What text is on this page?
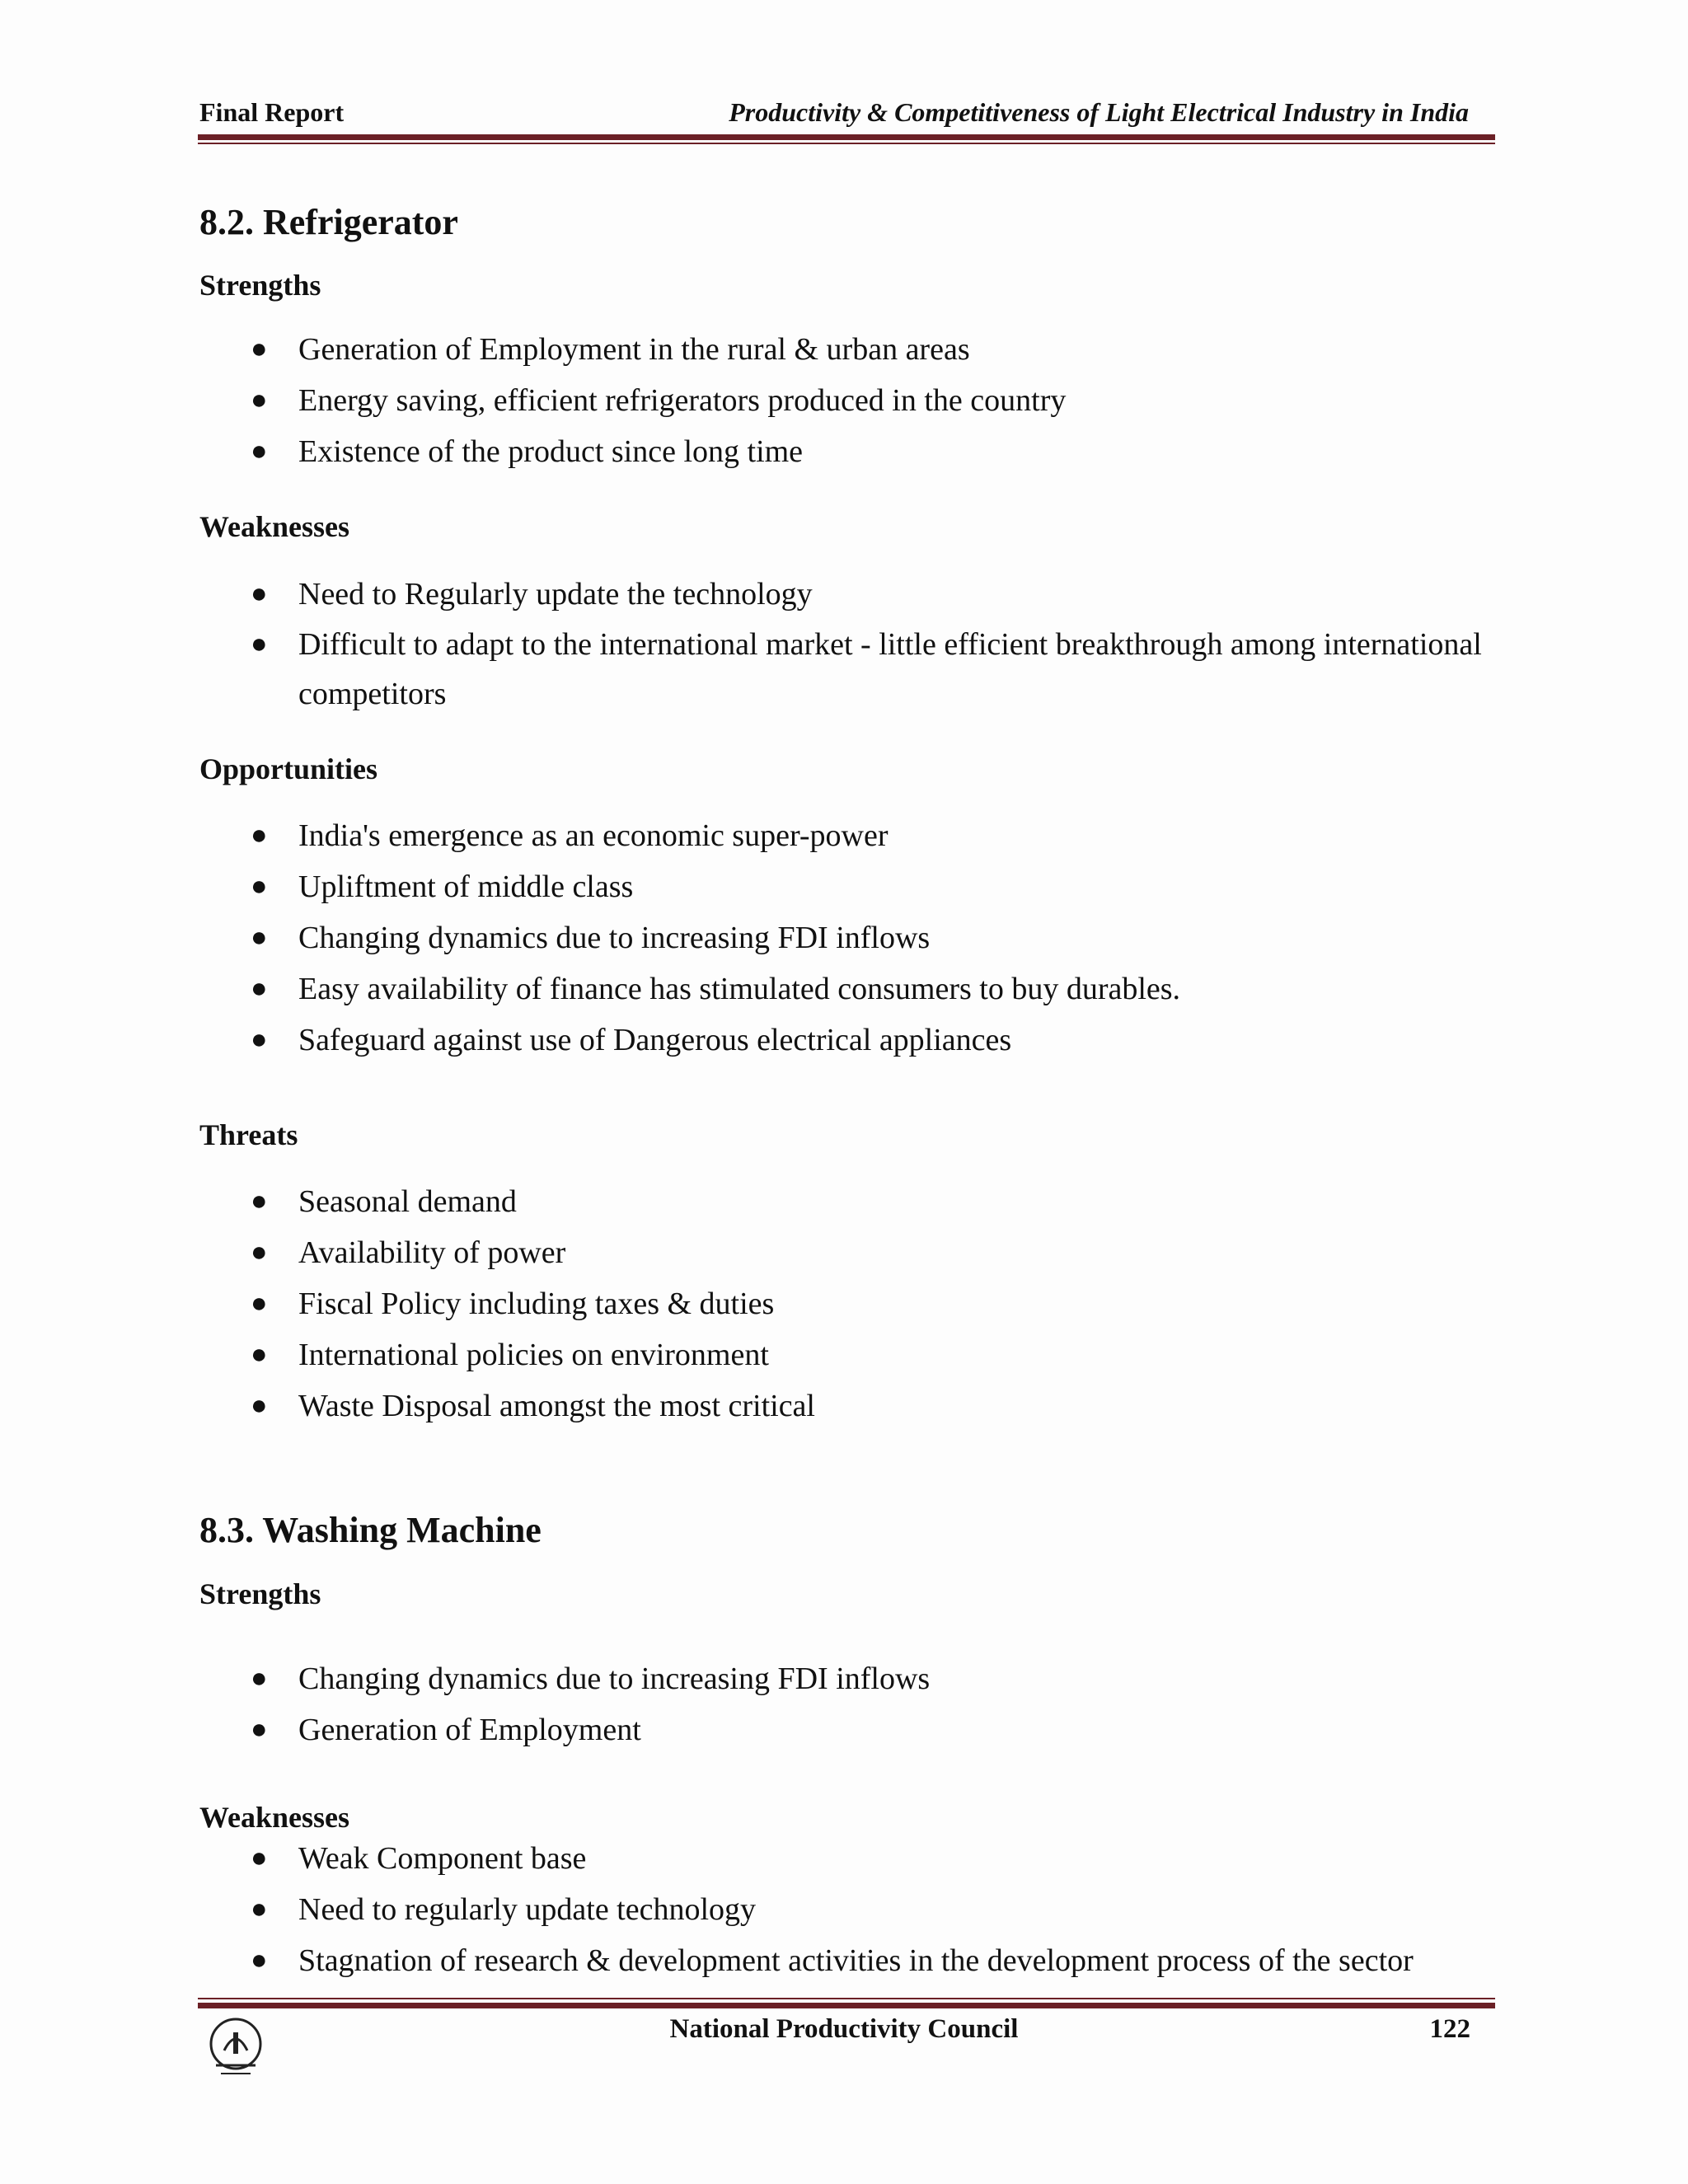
Final Report	Productivity & Competitiveness of Light Electrical Industry in India
8.2. Refrigerator
Strengths
● Generation of Employment in the rural & urban areas
● Energy saving, efficient refrigerators produced in the country
● Existence of the product since long time
Weaknesses
● Need to Regularly update the technology
● Difficult to adapt to the international market - little efficient breakthrough among international competitors
Opportunities
● India's emergence as an economic super-power
● Upliftment of middle class
● Changing dynamics due to increasing FDI inflows
● Easy availability of finance has stimulated consumers to buy durables.
● Safeguard against use of Dangerous electrical appliances
Threats
● Seasonal demand
● Availability of power
● Fiscal Policy including taxes & duties
● International policies on environment
● Waste Disposal amongst the most critical
8.3. Washing Machine
Strengths
● Changing dynamics due to increasing FDI inflows
● Generation of Employment
Weaknesses
● Weak Component base
● Need to regularly update technology
● Stagnation of research & development activities in the development process of the sector
National Productivity Council	122
